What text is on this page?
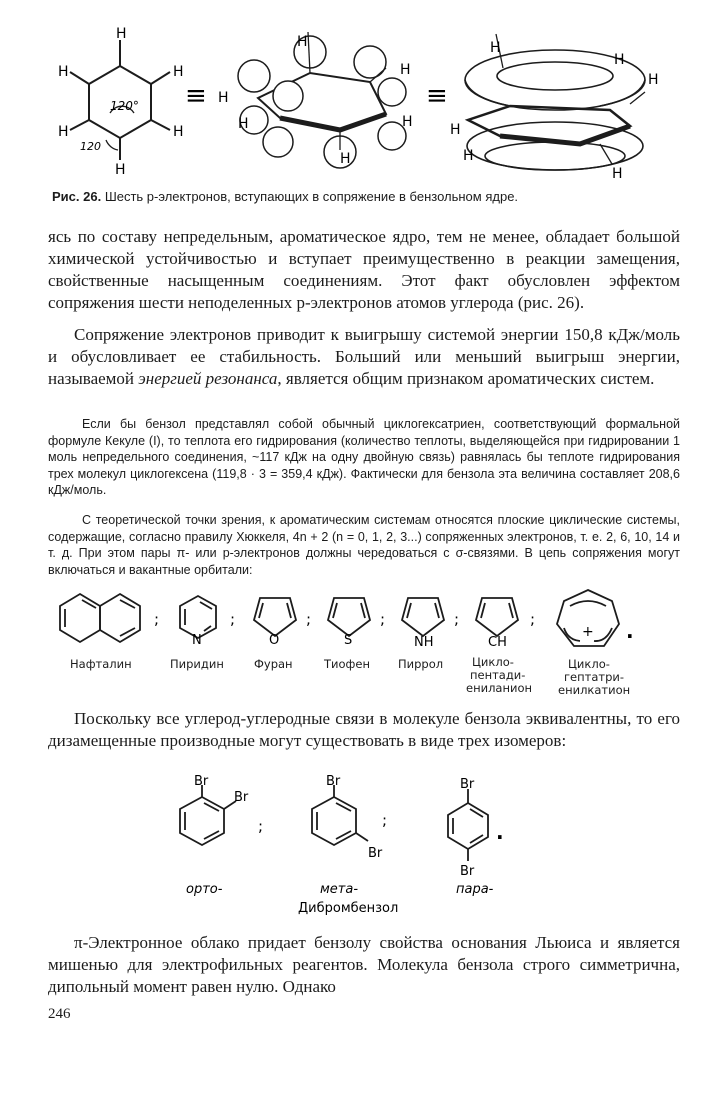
H
H
H
H
H
H
120°
120
≡
H
H
H
H
H
H	≡
H
H
H
H
H
H
Рис. 26. Шесть p-электронов, вступающих в сопряжение в бензольном ядре.

ясь по составу непредельным, ароматическое ядро, тем не менее, обладает большой химической устойчивостью и вступает преимущественно в реакции замещения, свойственные насыщенным соединениям. Этот факт обусловлен эффектом сопряжения шести неподеленных p-электронов атомов углерода (рис. 26).

Сопряжение электронов приводит к выигрышу системой энергии 150,8 кДж/моль и обусловливает ее стабильность. Больший или меньший выигрыш энергии, называемой энергией резонанса, является общим признаком ароматических систем.

Если бы бензол представлял собой обычный циклогексатриен, соответствующий формальной формуле Кекуле (I), то теплота его гидрирования (количество теплоты, выделяющейся при гидрировании 1 моль непредельного соединения, ~117 кДж на одну двойную связь) равнялась бы теплоте гидрирования трех молекул циклогексена (119,8 · 3 = 359,4 кДж). Фактически для бензола эта величина составляет 208,6 кДж/моль.

С теоретической точки зрения, к ароматическим системам относятся плоские циклические системы, содержащие, согласно правилу Хюккеля, 4n + 2 (n = 0, 1, 2, 3...) сопряженных электронов, т. е. 2, 6, 10, 14 и т. д. При этом пары π- или p-электронов должны чередоваться с σ-связями. В цепь сопряжения могут включаться и вакантные орбитали:

;	;	;	;	;	;	.
N	O	S	NH	CH
+
Нафталин	Пиридин	Фуран	Тиофен Пиррол	Цикло-
пентади-
ениланион
Цикло-
гептатри-
енилкатион

Поскольку все углерод-углеродные связи в молекуле бензола эквивалентны, то его дизамещенные производные могут существовать в виде трех изомеров:

Br
Br
Br
Br
Br
Br
;	;	.
орто-	мета-	пара-
Дибромбензол

π-Электронное облако придает бензолу свойства основания Льюиса и является мишенью для электрофильных реагентов. Молекула бензола строго симметрична, дипольный момент равен нулю. Однако

246
